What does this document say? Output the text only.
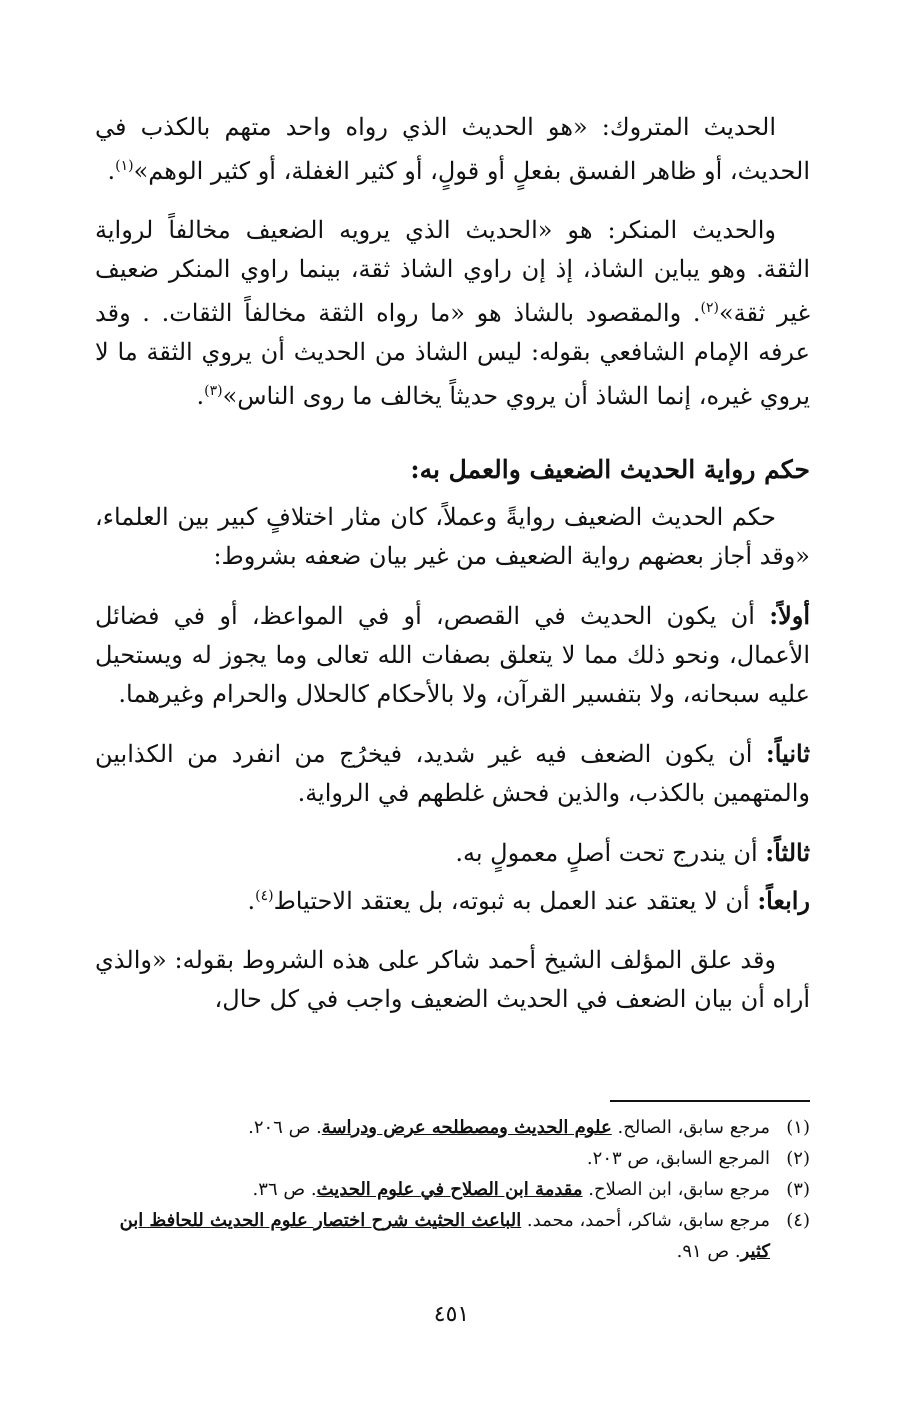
الحديث المتروك: «هو الحديث الذي رواه واحد متهم بالكذب في الحديث، أو ظاهر الفسق بفعلٍ أو قولٍ، أو كثير الغفلة، أو كثير الوهم»$^{(١)}$.

والحديث المنكر: هو «الحديث الذي يرويه الضعيف مخالفاً لرواية الثقة. وهو يباين الشاذ، إذ إن راوي الشاذ ثقة، بينما راوي المنكر ضعيف غير ثقة»$^{(٢)}$. والمقصود بالشاذ هو «ما رواه الثقة مخالفاً الثقات. . وقد عرفه الإمام الشافعي بقوله: ليس الشاذ من الحديث أن يروي الثقة ما لا يروي غيره، إنما الشاذ أن يروي حديثاً يخالف ما روى الناس»$^{(٣)}$.

حكم رواية الحديث الضعيف والعمل به:

حكم الحديث الضعيف روايةً وعملاً، كان مثار اختلافٍ كبير بين العلماء، «وقد أجاز بعضهم رواية الضعيف من غير بيان ضعفه بشروط:

أولاً: أن يكون الحديث في القصص، أو في المواعظ، أو في فضائل الأعمال، ونحو ذلك مما لا يتعلق بصفات الله تعالى وما يجوز له ويستحيل عليه سبحانه، ولا بتفسير القرآن، ولا بالأحكام كالحلال والحرام وغيرهما.

ثانياً: أن يكون الضعف فيه غير شديد، فيخرُج من انفرد من الكذابين والمتهمين بالكذب، والذين فحش غلطهم في الرواية.

ثالثاً: أن يندرج تحت أصلٍ معمولٍ به.

رابعاً: أن لا يعتقد عند العمل به ثبوته، بل يعتقد الاحتياط$^{(٤)}$.

وقد علق المؤلف الشيخ أحمد شاكر على هذه الشروط بقوله: «والذي أراه أن بيان الضعف في الحديث الضعيف واجب في كل حال،

(١)
مرجع سابق، الصالح. علوم الحديث ومصطلحه عرض ودراسة. ص ٢٠٦.
(٢)
المرجع السابق، ص ٢٠٣.
(٣)
مرجع سابق، ابن الصلاح. مقدمة ابن الصلاح في علوم الحديث. ص ٣٦.
(٤)
مرجع سابق، شاكر، أحمد، محمد. الباعث الحثيث شرح اختصار علوم الحديث للحافظ ابن كثير. ص ٩١.
٤٥١
